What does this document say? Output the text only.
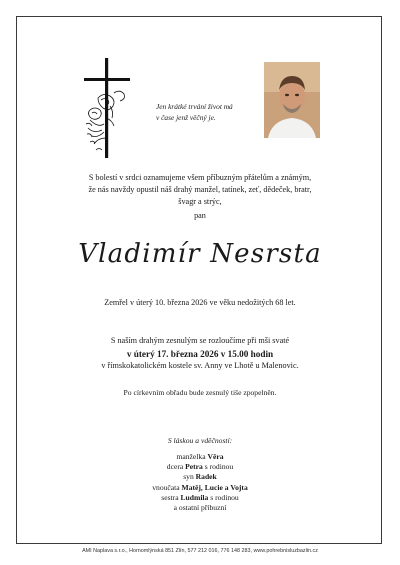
Jen krátké trvání život má
v čase jenž věčný je.
S bolestí v srdci oznamujeme všem příbuzným přátelům a známým,
že nás navždy opustil náš drahý manžel, tatínek, zeť, dědeček, bratr,
švagr a strýc,
pan
Vladimír Nesrsta
Zemřel v úterý 10. března 2026 ve věku nedožitých 68 let.
S naším drahým zesnulým se rozloučíme při mši svaté
v úterý 17. března 2026 v 15.00 hodin
v římskokatolickém kostele sv. Anny ve Lhotě u Malenovic.
Po církevním obřadu bude zesnulý tiše zpopelněn.
S láskou a vděčností:
manželka Věra
dcera Petra s rodinou
syn Radek
vnoučata Matěj, Lucie a Vojta
sestra Ludmila s rodinou
a ostatní příbuzní
AMI Naplava s.r.o., Hornomlýnská 851 Zlín, 577 212 016, 776 148 283, www.pohrebnisluzbazlin.cz
